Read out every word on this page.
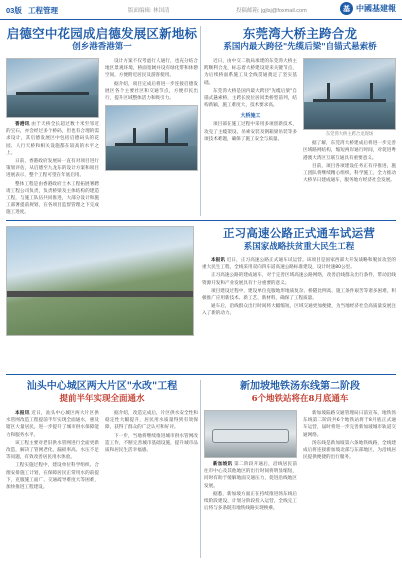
03版 工程管理	版面编辑: 林国清	投稿邮箱: jgjlsj@foxmail.com	基 中國基建報
启德空中花园成启德发展区新地标
创乡港香港第一

香港讯 由于天桥全长超过数十米至邻近的宝石，亦会经过多个桥码，但也有合理的需求设计，其启德发展区中包括启德码头的花园、人行天桥和相关设施都在较高的水平之上。

日前，香港政府发展局一直有对项目进行策划评估，从启德至九龙东的设计方案和项目进展表示，整个工程可望在年底启用。

整体工程是由香港政府土木工程拓展署聘请工程公司负责，负责桥梁及主体结构的建造工程，与施工队伍共同推进，大部分设计和施工部署提前规划，在各项目监督管理之下完成施工进度。

设计方案不仅考虑行人通行，也充分结合地区景观环境，桥面宽阔并设有绿化带和休憩空间，方便附近居民及游客使用。

据介绍，项目完成后将进一步连接启德发展区各个主要社区和交通节点，方便市民出行，提升区域整体活力和吸引力。

东莞湾大桥主跨合龙
系国内最大跨径"先缆后梁"自锚式悬索桥

近日，由中交二航局承建的东莞湾大桥主跨顺利合龙，标志着大桥建设迎来关键节点，为后续桥面系施工及全线贯通奠定了坚实基础。

东莞湾大桥是国内最大跨径"先缆后梁"自锚式悬索桥，主跨长度位居同类桥型前列，结构新颖，施工难度大，技术要求高。

大桥施工

项目部在施工过程中采用多项创新技术，攻克了主缆架设、吊索安装及钢箱梁吊装等多项技术难题，确保了施工安全与质量。

东莞湾大桥主跨合龙现场

据了解，东莞湾大桥建成后将进一步完善区域路网结构，缩短两岸通行时间，对促进粤港澳大湾区互联互通具有重要意义。

目前，项目各项建设任务正有序推进，施工团队将继续精心组织，科学施工，全力推动大桥早日建成通车，服务地方经济社会发展。

正习高速公路正式通车试运营
系国家战略扶贫重大民生工程

本报讯 近日，正习高速公路正式通车试运营。该项目是国家西部大开发战略和脱贫攻坚的重大民生工程，全线采用双向四车道高速公路标准建设，设计时速80公里。

正习高速公路的建成通车，对于完善区域高速公路网络，改善沿线群众出行条件，带动沿线资源开发和产业发展具有十分重要的意义。

项目建设过程中，建设单位克服地形地质复杂、桥隧比例高、施工条件艰苦等诸多困难，积极推广应用新技术、新工艺、新材料，确保了工程质量。

通车后，沿线群众出行时间将大幅缩短，区域交通更加便捷，为当地经济社会高质量发展注入了新的动力。

汕头中心城区两大片区"水改"工程
提前半年实现全面通水

本报讯 近日，汕头中心城区两大片区供水管网改造工程提前半年实现全面通水，惠及辖区大量居民，进一步提升了城市供水保障能力和服务水平。

该工程主要对老旧供水管网进行全面更新改造，解决了管网老化、漏损率高、水压不足等问题，有效改善居民用水体验。

工程实施过程中，建设单位科学组织、合理安排施工计划，在保障居民正常用水的前提下，克服施工面广、交通疏导难度大等困难，加快推进工程建设。

据介绍，改造完成后，片区供水安全性和稳定性大幅提升，居民用水质量得到有效保障，获得了群众的广泛认可和好评。

下一步，当地将继续推进城市供水管网改造工作，不断完善城市基础设施，提升城市品质和居民生活幸福感。

新加坡地铁汤东线第二阶段
6个地铁站将在8月底通车

新加坡讯 第二阶段开通后，沿线居民前往市中心及其他地区的出行时间将明显缩短，同时有助于缓解地面交通压力，促进沿线地区发展。

据悉，新加坡方面正在持续推进汤东线后续阶段建设，计划分阶段投入运营，全线完工后将与多条既有地铁线路实现换乘。

新加坡陆路交通管理局日前宣布，地铁汤东线第二阶段共6个地铁站将于8月底正式通车运营，届时将进一步完善新加坡城市轨道交通网络。

汤东线是新加坡第六条地铁线路，全线建成后将连接新加坡北部与东部地区，为沿线居民提供便捷的出行服务。
